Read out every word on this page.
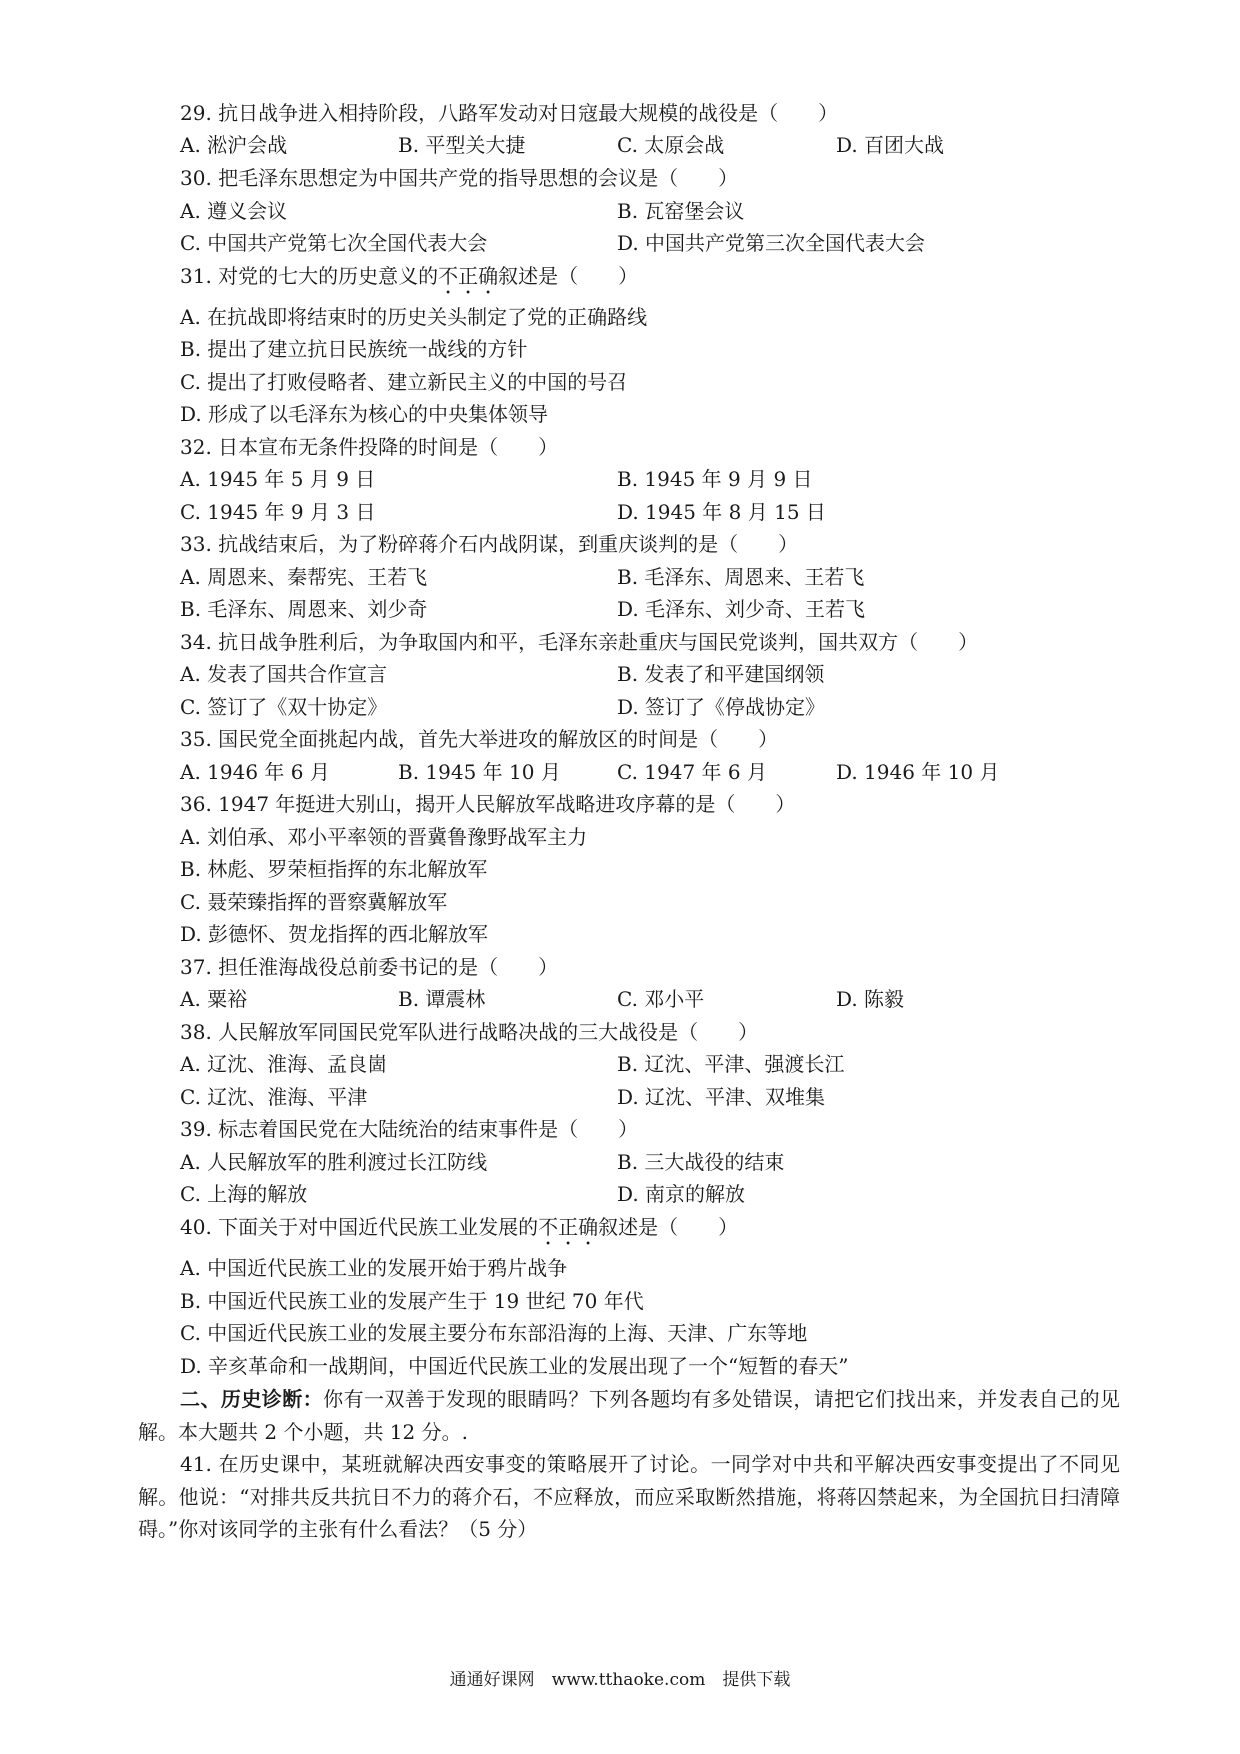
29. 抗日战争进入相持阶段，八路军发动对日寇最大规模的战役是（　　）
A. 淞沪会战	B. 平型关大捷	C. 太原会战	D. 百团大战
30. 把毛泽东思想定为中国共产党的指导思想的会议是（　　）
A. 遵义会议	B. 瓦窑堡会议
C. 中国共产党第七次全国代表大会	D. 中国共产党第三次全国代表大会
31. 对党的七大的历史意义的不正确叙述是（　　）
A. 在抗战即将结束时的历史关头制定了党的正确路线
B. 提出了建立抗日民族统一战线的方针
C. 提出了打败侵略者、建立新民主义的中国的号召
D. 形成了以毛泽东为核心的中央集体领导
32. 日本宣布无条件投降的时间是（　　）
A. 1945 年 5 月 9 日	B. 1945 年 9 月 9 日
C. 1945 年 9 月 3 日	D. 1945 年 8 月 15 日
33. 抗战结束后，为了粉碎蒋介石内战阴谋，到重庆谈判的是（　　）
A. 周恩来、秦帮宪、王若飞	B. 毛泽东、周恩来、王若飞
B. 毛泽东、周恩来、刘少奇	D. 毛泽东、刘少奇、王若飞
34. 抗日战争胜利后，为争取国内和平，毛泽东亲赴重庆与国民党谈判，国共双方（　　）
A. 发表了国共合作宣言	B. 发表了和平建国纲领
C. 签订了《双十协定》	D. 签订了《停战协定》
35. 国民党全面挑起内战，首先大举进攻的解放区的时间是（　　）
A. 1946 年 6 月	B. 1945 年 10 月	C. 1947 年 6 月	D. 1946 年 10 月
36. 1947 年挺进大别山，揭开人民解放军战略进攻序幕的是（　　）
A. 刘伯承、邓小平率领的晋冀鲁豫野战军主力
B. 林彪、罗荣桓指挥的东北解放军
C. 聂荣臻指挥的晋察冀解放军
D. 彭德怀、贺龙指挥的西北解放军
37. 担任淮海战役总前委书记的是（　　）
A. 粟裕	B. 谭震林	C. 邓小平	D. 陈毅
38. 人民解放军同国民党军队进行战略决战的三大战役是（　　）
A. 辽沈、淮海、孟良崮	B. 辽沈、平津、强渡长江
C. 辽沈、淮海、平津	D. 辽沈、平津、双堆集
39. 标志着国民党在大陆统治的结束事件是（　　）
A. 人民解放军的胜利渡过长江防线	B. 三大战役的结束
C. 上海的解放	D. 南京的解放
40. 下面关于对中国近代民族工业发展的不正确叙述是（　　）
A. 中国近代民族工业的发展开始于鸦片战争
B. 中国近代民族工业的发展产生于 19 世纪 70 年代
C. 中国近代民族工业的发展主要分布东部沿海的上海、天津、广东等地
D. 辛亥革命和一战期间，中国近代民族工业的发展出现了一个“短暂的春天”
二、历史诊断：你有一双善于发现的眼睛吗？下列各题均有多处错误，请把它们找出来，并发表自己的见解。本大题共 2 个小题，共 12 分。.
41. 在历史课中，某班就解决西安事变的策略展开了讨论。一同学对中共和平解决西安事变提出了不同见解。他说：“对排共反共抗日不力的蒋介石，不应释放，而应采取断然措施，将蒋囚禁起来，为全国抗日扫清障碍。”你对该同学的主张有什么看法？（5 分）
通通好课网　www.tthaoke.com　提供下载
